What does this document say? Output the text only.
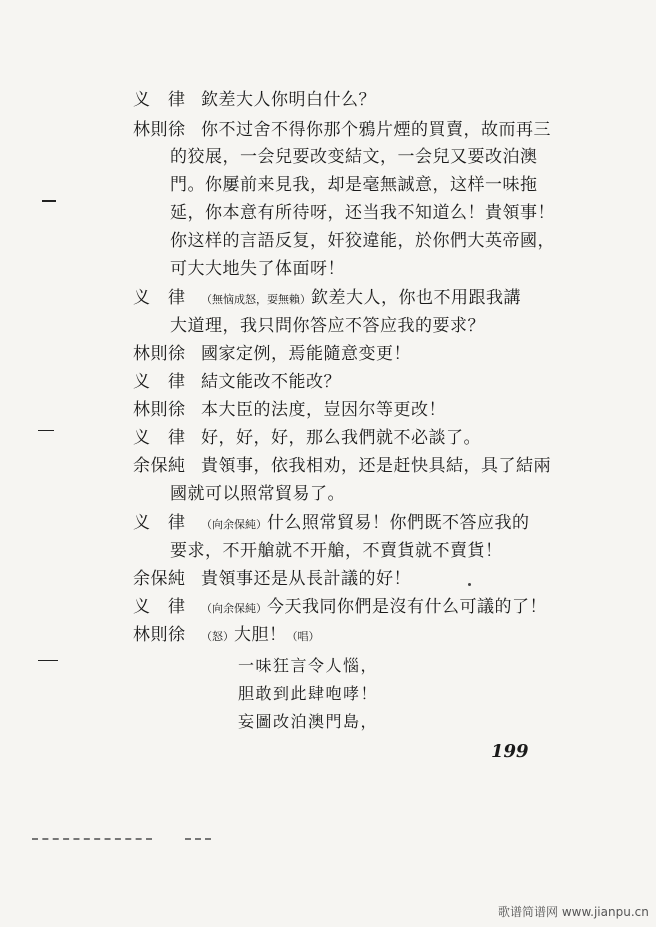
义　律 欽差大人你明白什么？
林則徐 你不过舍不得你那个鴉片煙的買賣，故而再三
的狡展，一会兒要改变結文，一会兒又要改泊澳
門。你屢前来見我，却是毫無誠意，这样一味拖
延，你本意有所待呀，还当我不知道么！貴領事！
你这样的言語反复，奸狡違能，於你們大英帝國，
可大大地失了体面呀！
义　律 （無恼成怒，耍無賴）欽差大人，你也不用跟我講
大道理，我只問你答应不答应我的要求？
林則徐 國家定例，焉能隨意变更！
义　律 結文能改不能改？
林則徐 本大臣的法度，豈因尔等更改！
义　律 好，好，好，那么我們就不必談了。
余保純 貴領事，依我相劝，还是赶快具結，具了結兩
國就可以照常貿易了。
义　律 （向余保純）什么照常貿易！你們既不答应我的
要求，不开艙就不开艙，不賣貨就不賣貨！
余保純 貴領事还是从長計議的好！
义　律 （向余保純）今天我同你們是沒有什么可議的了！
林則徐 （怒）大胆！（唱）
一味狂言令人惱，
胆敢到此肆咆哮！
妄圖改泊澳門島，
199
歌谱简谱网 www.jianpu.cn
